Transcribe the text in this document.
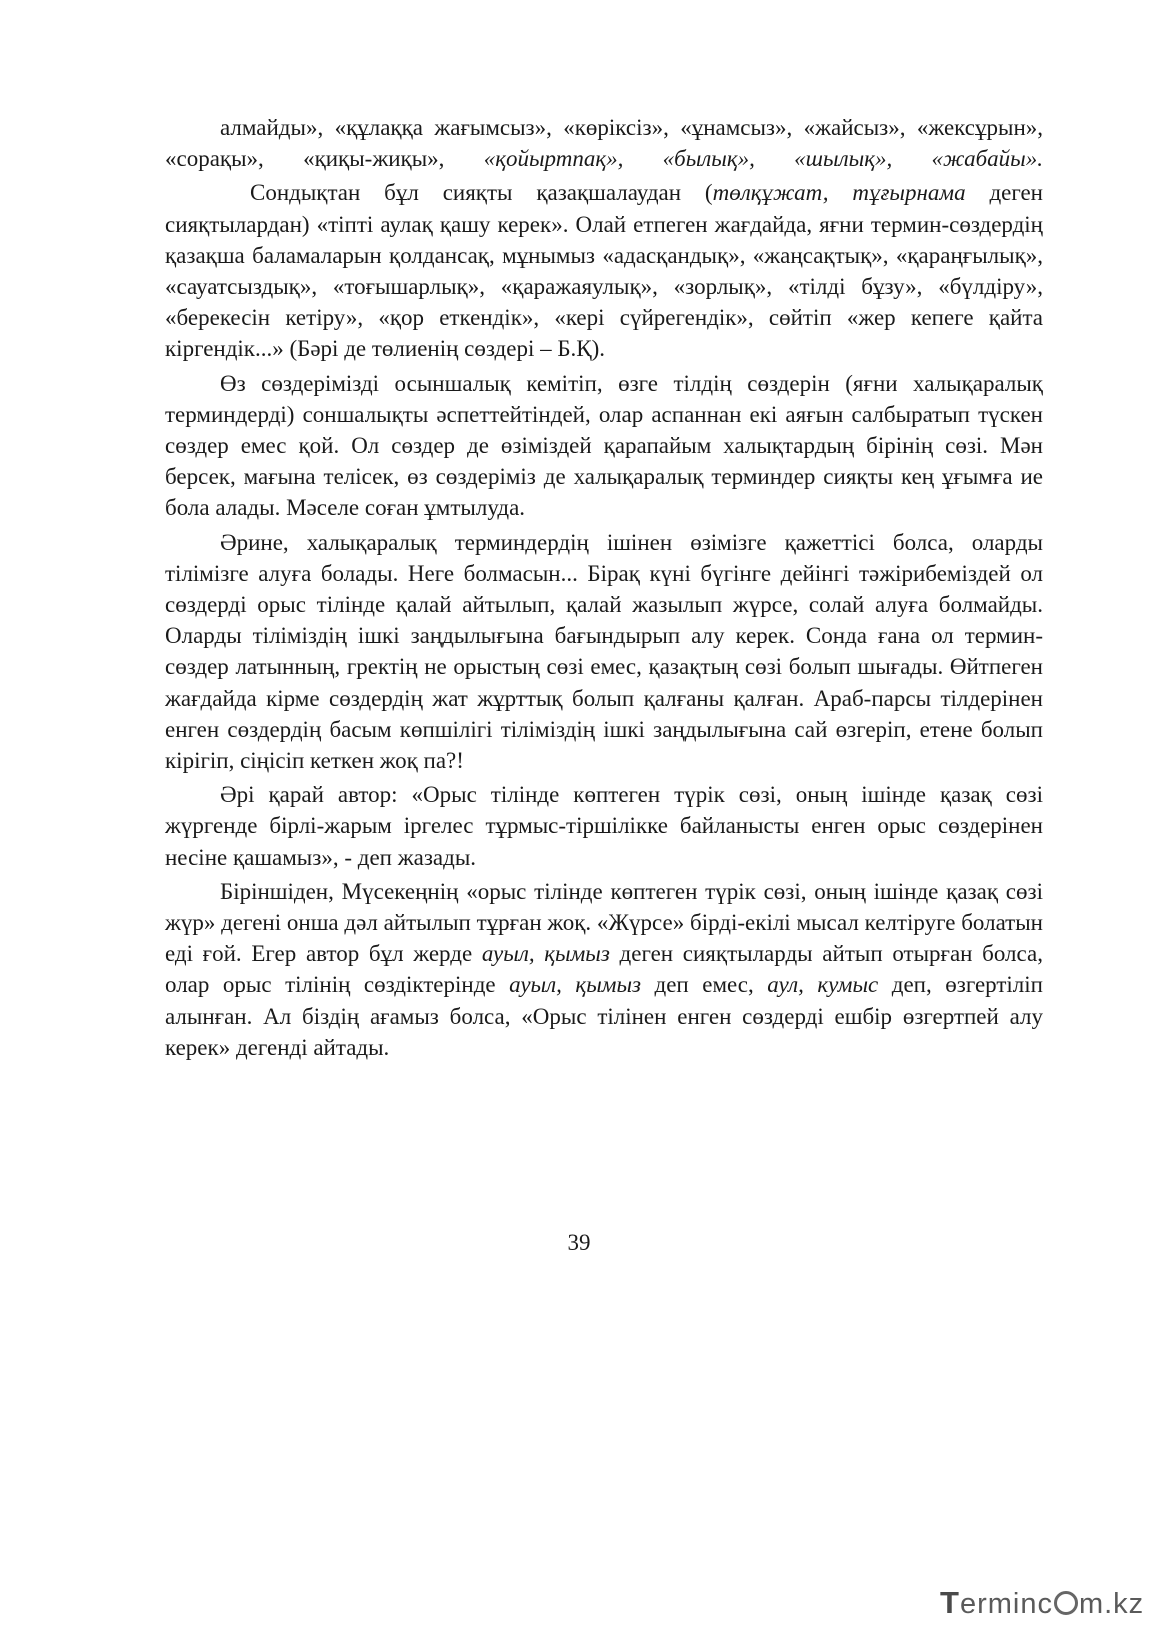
алмайды», «құлаққа жағымсыз», «көріксіз», «ұнамсыз», «жайсыз», «жексұрын», «сорақы», «қиқы-жиқы», «қойыртпақ», «былық», «шылық», «жабайы».

Сондықтан бұл сияқты қазақшалаудан (төлқұжат, тұғырнама деген сияқтылардан) «тіпті аулақ қашу керек». Олай етпеген жағдайда, яғни термин-сөздердің қазақша баламаларын қолдансақ, мұнымыз «адасқандық», «жаңсақтық», «қараңғылық», «сауатсыздық», «тоғышарлық», «қаражаяулық», «зорлық», «тілді бұзу», «бүлдіру», «берекесін кетіру», «қор еткендік», «кері сүйрегендік», сөйтіп «жер кепеге қайта кіргендік...» (Бәрі де төлиенің сөздері – Б.Қ).

Өз сөздерімізді осыншалық кемітіп, өзге тілдің сөздерін (яғни халықаралық терминдерді) соншалықты әспеттейтіндей, олар аспаннан екі аяғын салбыратып түскен сөздер емес қой. Ол сөздер де өзіміздей қарапайым халықтардың бірінің сөзі. Мән берсек, мағына телісек, өз сөздеріміз де халықаралық терминдер сияқты кең ұғымға ие бола алады. Мәселе соған ұмтылуда.

Әрине, халықаралық терминдердің ішінен өзімізге қажеттісі болса, оларды тілімізге алуға болады. Неге болмасын... Бірақ күні бүгінге дейінгі тәжірибеміздей ол сөздерді орыс тілінде қалай айтылып, қалай жазылып жүрсе, солай алуға болмайды. Оларды тіліміздің ішкі заңдылығына бағындырып алу керек. Сонда ғана ол термин-сөздер латынның, гректің не орыстың сөзі емес, қазақтың сөзі болып шығады. Өйтпеген жағдайда кірме сөздердің жат жұрттық болып қалғаны қалған. Араб-парсы тілдерінен енген сөздердің басым көпшілігі тіліміздің ішкі заңдылығына сай өзгеріп, етене болып кірігіп, сіңісіп кеткен жоқ па?!

Әрі қарай автор: «Орыс тілінде көптеген түрік сөзі, оның ішінде қазақ сөзі жүргенде бірлі-жарым іргелес тұрмыс-тіршілікке байланысты енген орыс сөздерінен несіне қашамыз», - деп жазады.

Біріншіден, Мүсекеңнің «орыс тілінде көптеген түрік сөзі, оның ішінде қазақ сөзі жүр» дегені онша дәл айтылып тұрған жоқ. «Жүрсе» бірді-екілі мысал келтіруге болатын еді ғой. Егер автор бұл жерде ауыл, қымыз деген сияқтыларды айтып отырған болса, олар орыс тілінің сөздіктерінде ауыл, қымыз деп емес, аул, кумыс деп, өзгертіліп алынған. Ал біздің ағамыз болса, «Орыс тілінен енген сөздерді ешбір өзгертпей алу керек» дегенді айтады.

39
Terminc m.kz
